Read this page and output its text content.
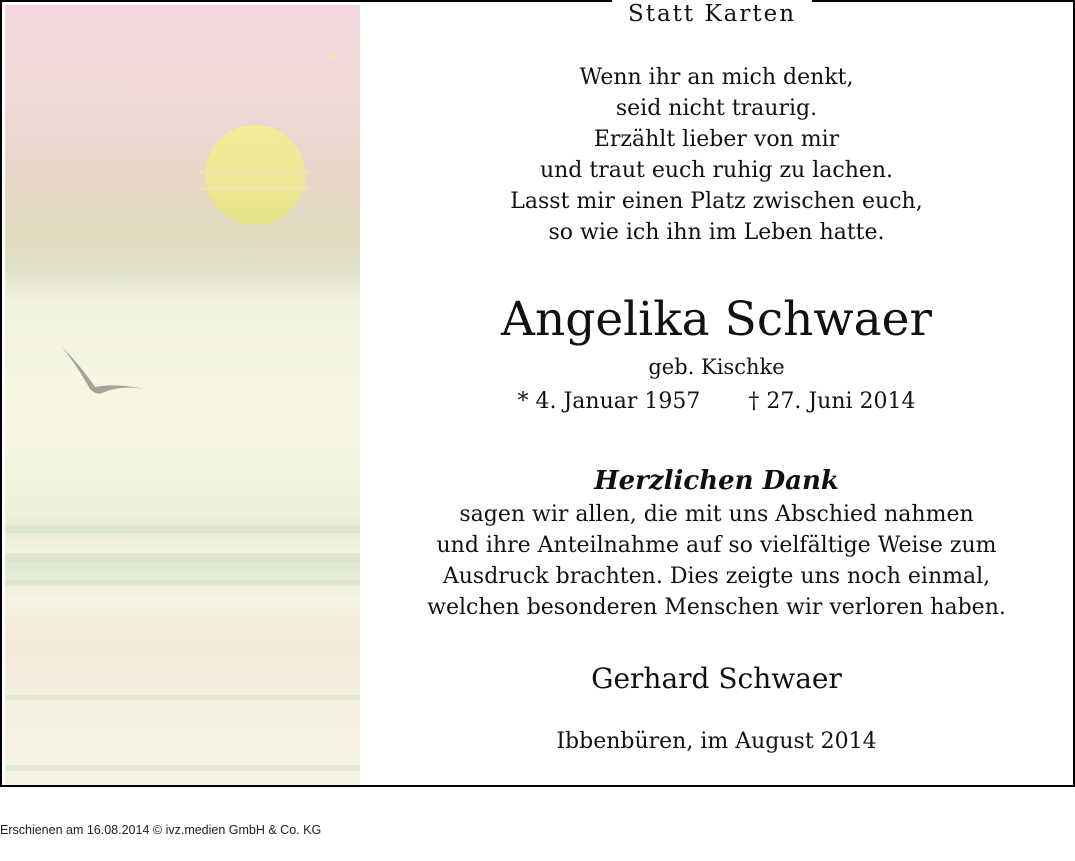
✦
Wenn ihr an mich denkt,
seid nicht traurig.
Erzählt lieber von mir
und traut euch ruhig zu lachen.
Lasst mir einen Platz zwischen euch,
so wie ich ihn im Leben hatte.
Angelika Schwaer
geb. Kischke
* 4. Januar 1957 † 27. Juni 2014
Herzlichen Dank
sagen wir allen, die mit uns Abschied nahmen
und ihre Anteilnahme auf so vielfältige Weise zum
Ausdruck brachten. Dies zeigte uns noch einmal,
welchen besonderen Menschen wir verloren haben.
Gerhard Schwaer
Ibbenbüren, im August 2014
Statt Karten
Erschienen am 16.08.2014 © ivz.medien GmbH & Co. KG
